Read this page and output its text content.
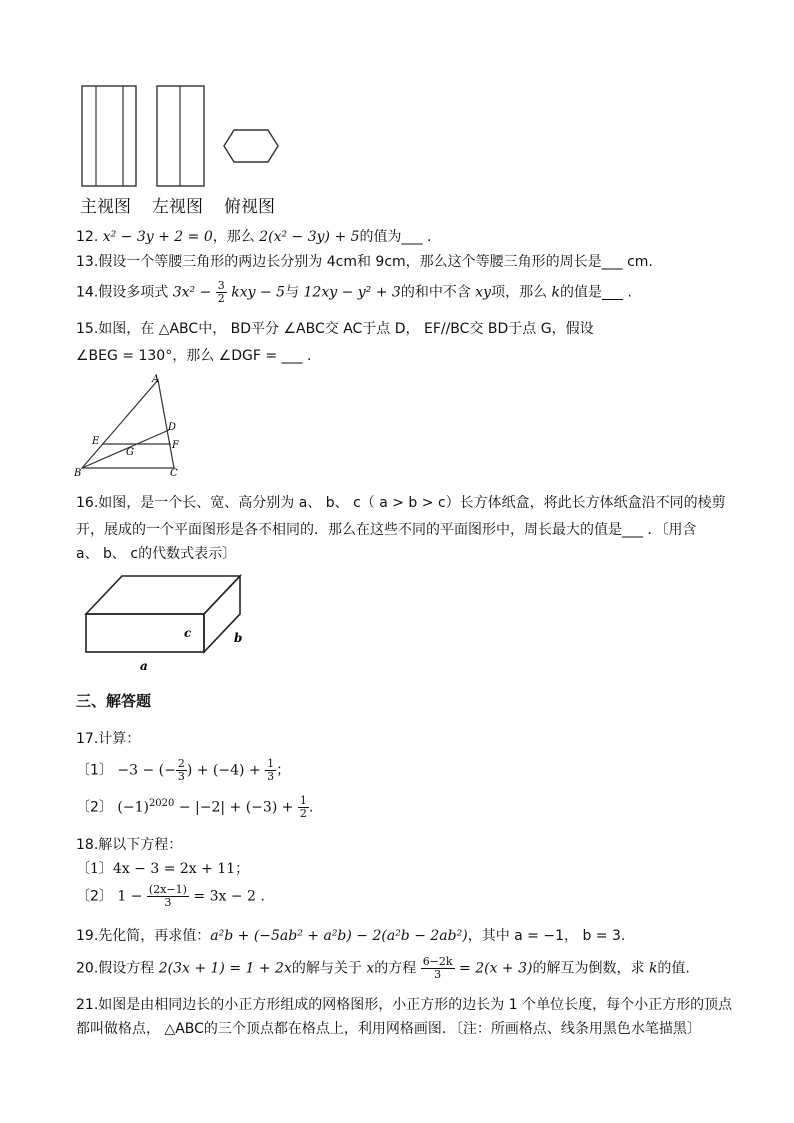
主视图 左视图 俯视图
12. x² − 3y + 2 = 0，那么 2(x² − 3y) + 5的值为___ .
13.假设一个等腰三角形的两边长分别为 4cm和 9cm，那么这个等腰三角形的周长是___ cm.
14.假设多项式 $3x^2 - \frac{3}{2}$ kxy − 5与 12xy − y² + 3的和中不含 xy项，那么 k的值是___ .
15.如图，在 △ABC中， BD平分 ∠ABC交 AC于点 D， EF//BC交 BD于点 G，假设
∠BEG = 130°，那么 ∠DGF = ___ .
A
B	C
D
E	F
G
16.如图，是一个长、宽、高分别为 a、 b、 c（ a > b > c）长方体纸盒，将此长方体纸盒沿不同的棱剪
开，展成的一个平面图形是各不相同的．那么在这些不同的平面图形中，周长最大的值是___ ．〔用含
a、 b、 c的代数式表示〕
c	b
a
三、解答题
17.计算：
〔1〕 −3 − (− $\frac{2}{3}$ ) + $(-4) + \frac{1}{3}$ ；
〔2〕 $(-1)^{2020} - |-2| + (-3) + \frac{1}{2}$ .
18.解以下方程：
〔1〕4x − 3 = 2x + 11；
〔2〕 $1 - \frac{(2x-1)}{3} = 3x - 2$ .
19.先化简，再求值：a²b + (−5ab² + a²b) − 2(a²b − 2ab²)，其中 a = −1， b = 3.
20.假设方程 2(3x + 1) = 1 + 2x的解与关于 x的方程 $\frac{6-2k}{3} = 2(x + 3)$的解互为倒数，求 k的值.
21.如图是由相同边长的小正方形组成的网格图形，小正方形的边长为 1 个单位长度，每个小正方形的顶点
都叫做格点， △ABC的三个顶点都在格点上，利用网格画图．〔注：所画格点、线条用黑色水笔描黑〕
